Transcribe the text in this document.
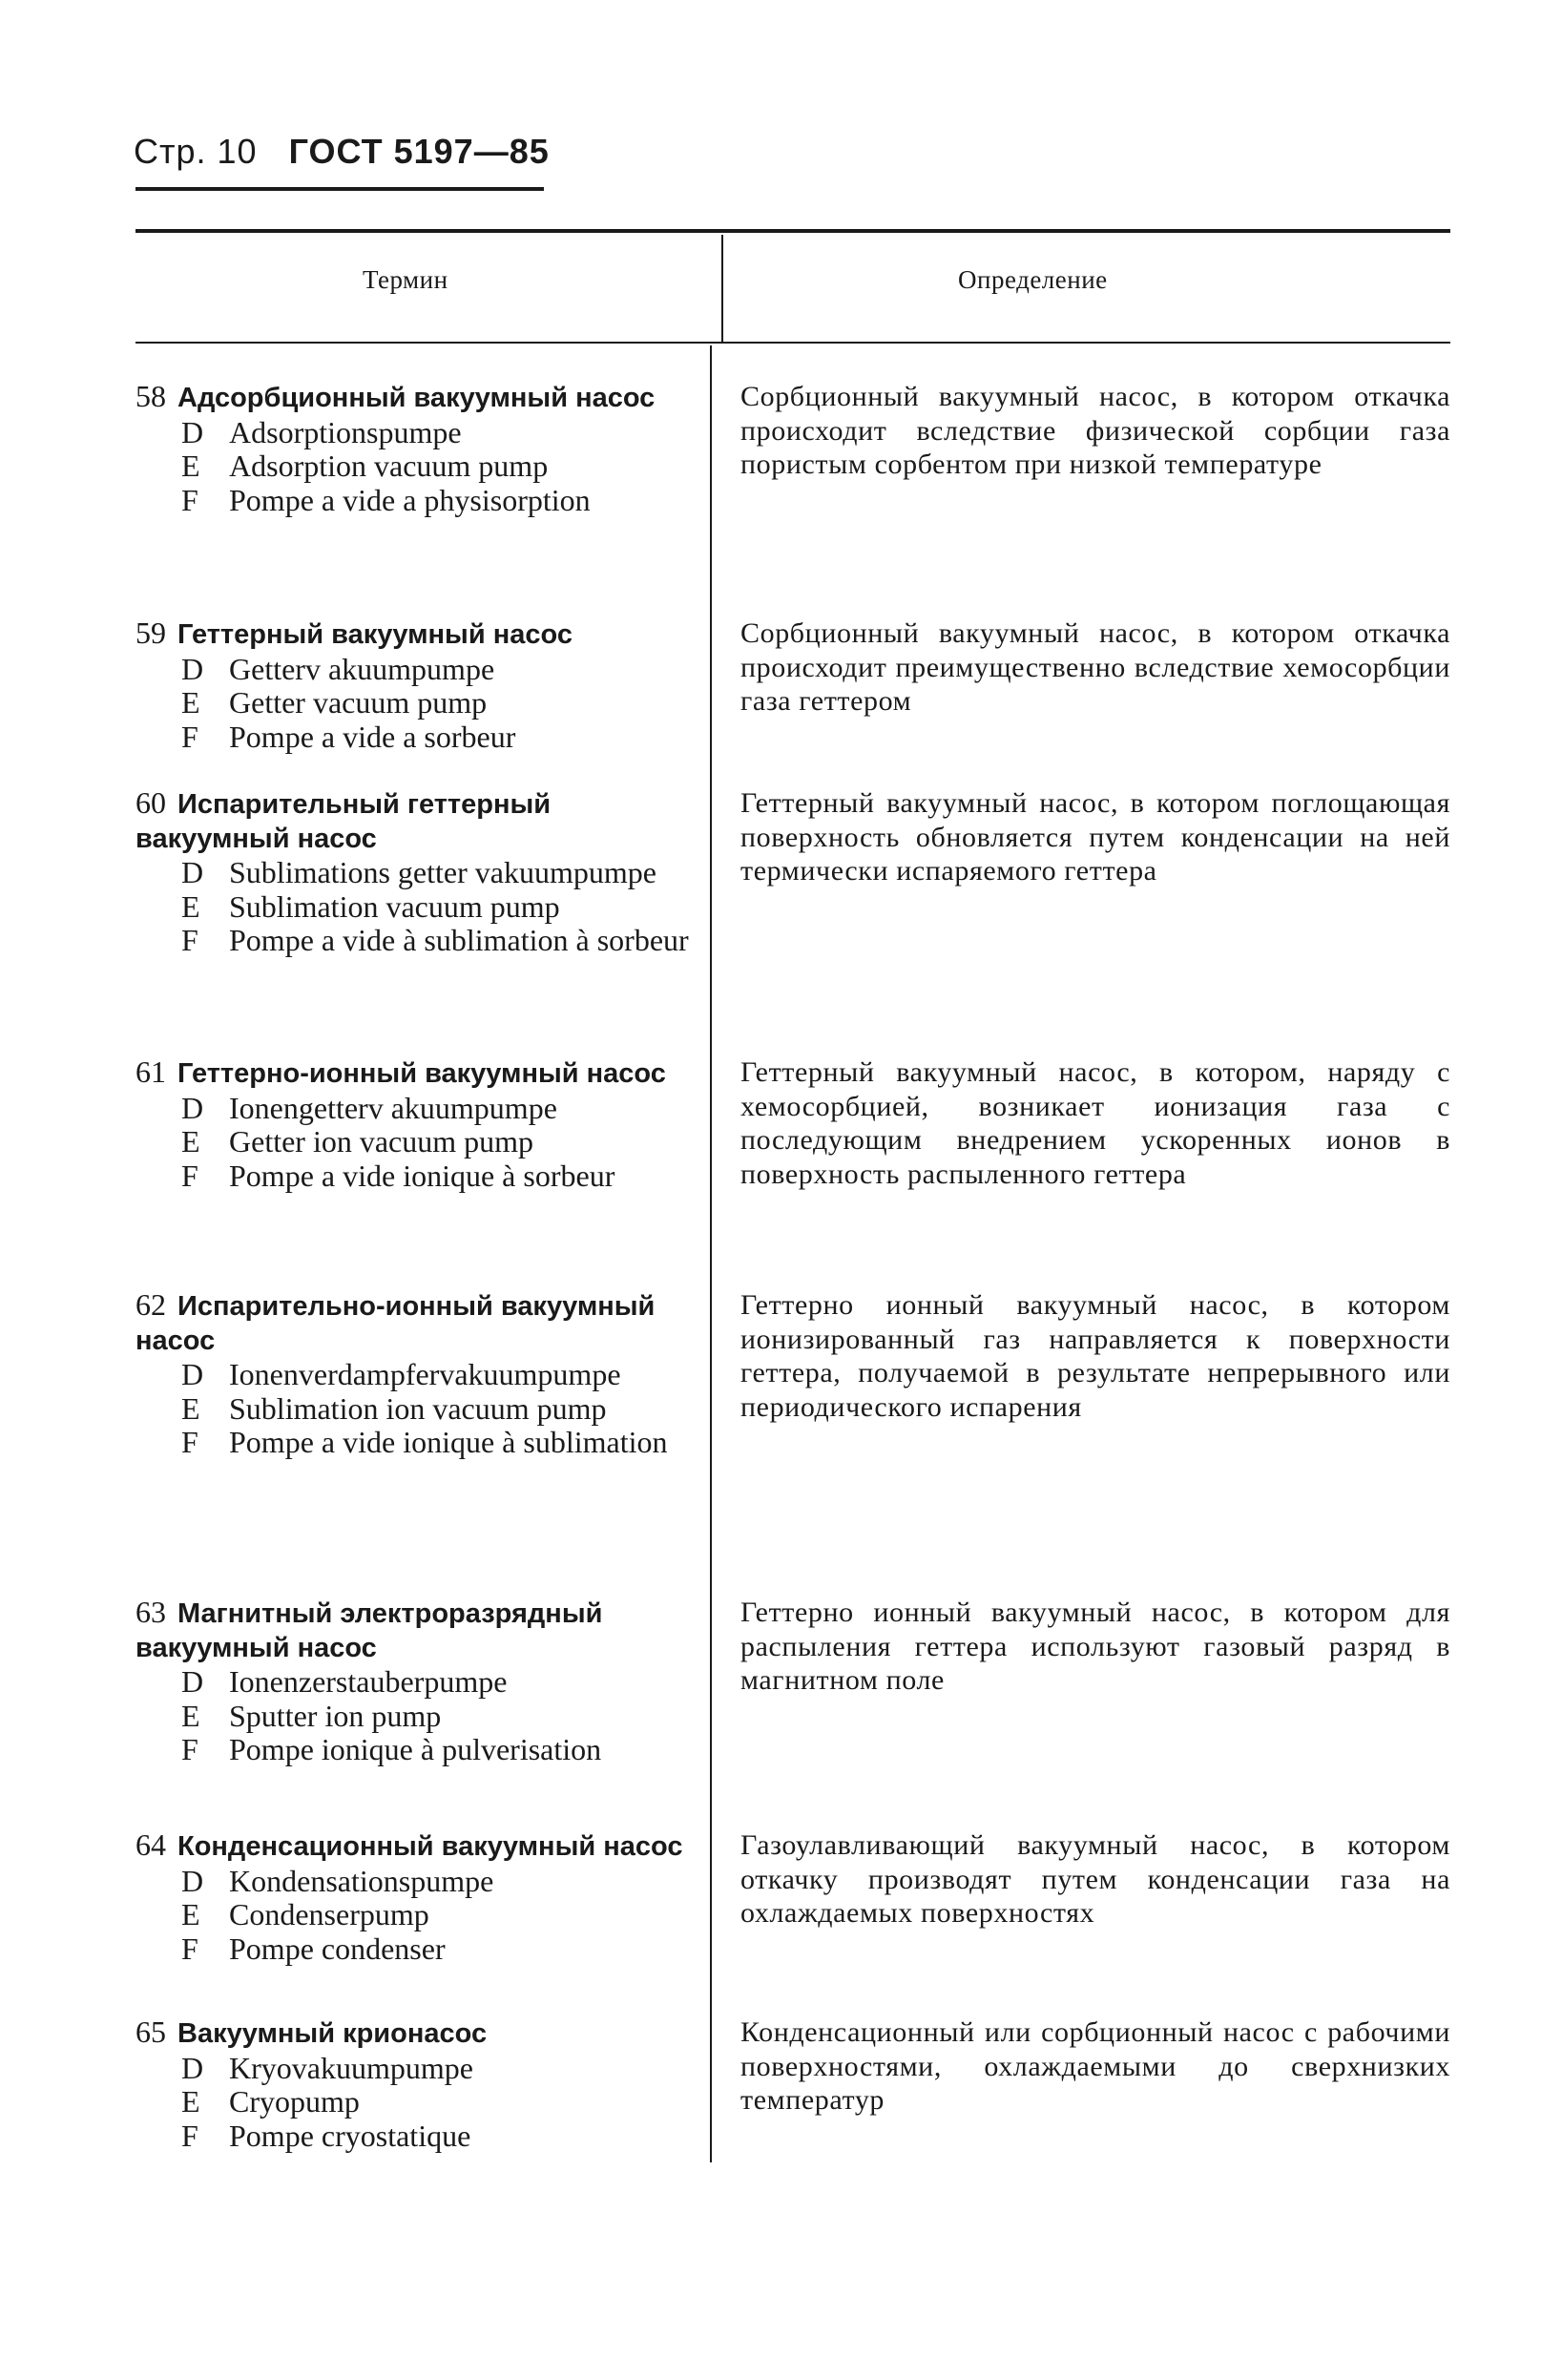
Стр. 10 ГОСТ 5197—85
Термин	Определение
58 Адсорбционный вакуумный насос
D Adsorptionspumpe
E Adsorption vacuum pump
F	Pompe a vide a physisorption
Сорбционный вакуумный насос, в котором откачка происходит вследствие физической сорбции газа пористым сорбентом при низкой температуре
59 Геттерный вакуумный насос
D Getterv akuumpumpe
E Getter vacuum pump
F	Pompe a vide a sorbeur
Сорбционный вакуумный насос, в котором откачка происходит преимущественно вследствие хемосорбции газа геттером
60 Испарительный геттерный вакуумный насос
D Sublimations getter vakuumpumpe
E Sublimation vacuum pump
F	Pompe a vide à sublimation à sorbeur
Геттерный вакуумный насос, в котором поглощающая поверхность обновляется путем конденсации на ней термически испаряемого геттера
61 Геттерно-ионный вакуумный насос
D Ionengetterv akuumpumpe
E Getter ion vacuum pump
F	Pompe a vide ionique à sorbeur
Геттерный вакуумный насос, в котором, наряду с хемосорбцией, возникает ионизация газа с последующим внедрением ускоренных ионов в поверхность распыленного геттера
62 Испарительно-ионный вакуумный насос
D Ionenverdampfervakuumpumpe
E Sublimation ion vacuum pump
F	Pompe a vide ionique à sublimation
Геттерно ионный вакуумный насос, в котором ионизированный газ направляется к поверхности геттера, получаемой в результате непрерывного или периодического испарения
63 Магнитный электроразрядный вакуумный насос
D Ionenzerstauberpumpe
E Sputter ion pump
F	Pompe ionique à pulverisation
Геттерно ионный вакуумный насос, в котором для распыления геттера используют газовый разряд в магнитном поле
64 Конденсационный вакуумный насос
D Kondensationspumpe
E Condenserpump
F	Pompe condenser
Газоулавливающий вакуумный насос, в котором откачку производят путем конденсации газа на охлаждаемых поверхностях
65 Вакуумный крионасос
D Kryovakuumpumpe
E Cryopump
F	Pompe cryostatique
Конденсационный или сорбционный насос с рабочими поверхностями, охлаждаемыми до сверхнизких температур
